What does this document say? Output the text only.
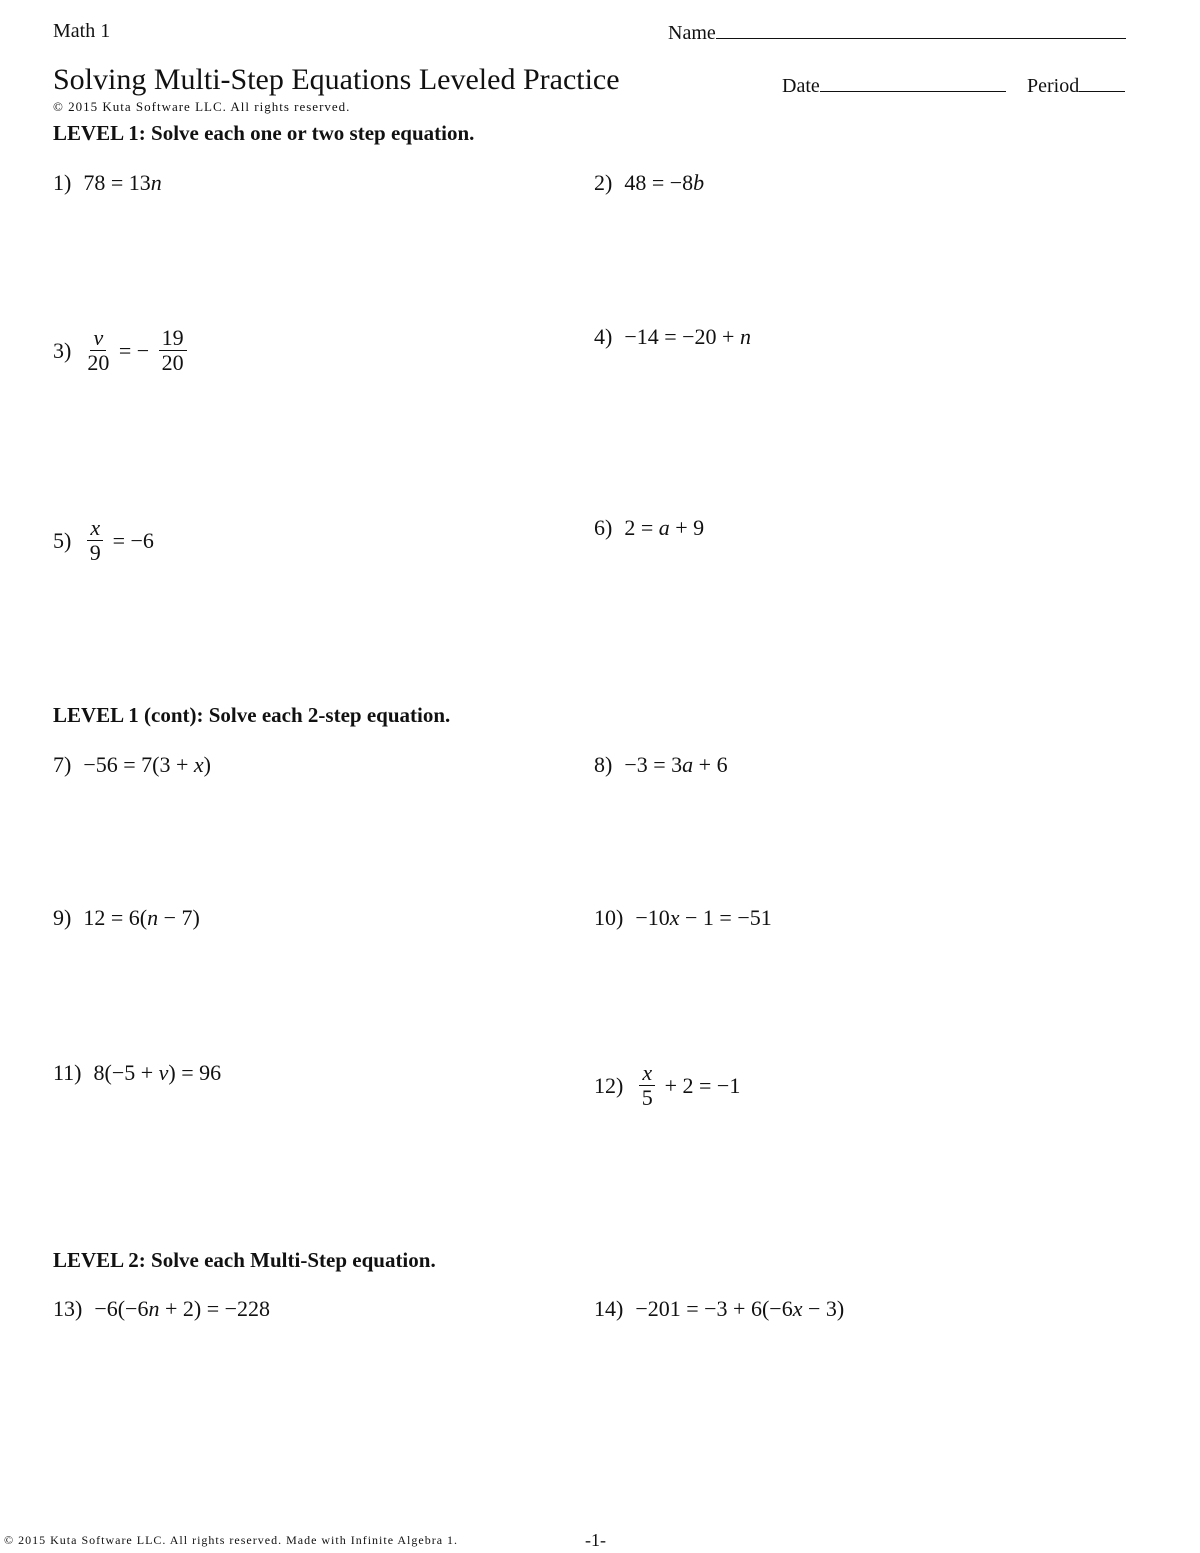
Math 1	Name
Solving Multi-Step Equations Leveled Practice
© 2015 Kuta Software LLC. All rights reserved.
Date	Period
LEVEL 1: Solve each one or two step equation.
LEVEL 1 (cont): Solve each 2-step equation.
LEVEL 2: Solve each Multi-Step equation.
1) 78 = 13 n	2) 48 = −8 b
$3) \frac{v}{20}$ = − $\frac{19}{20}$	4) −14 = −20 + n
$5) \frac{x}{9} = -6$
6) 2 = a + 9
7) −56 = 7(3 + x )	8) −3 = 3 a + 6
9) 12 = 6( n − 7)	10) −10 x − 1 = −51
11) 8(−5 + v ) = 96
$12) \frac{x}{5} + 2 = -1$
13) −6(−6 n + 2) = −228	14) −201 = −3 + 6(−6 x − 3)
© 2015 Kuta Software LLC. All rights reserved. Made with Infinite Algebra 1.	-1-
